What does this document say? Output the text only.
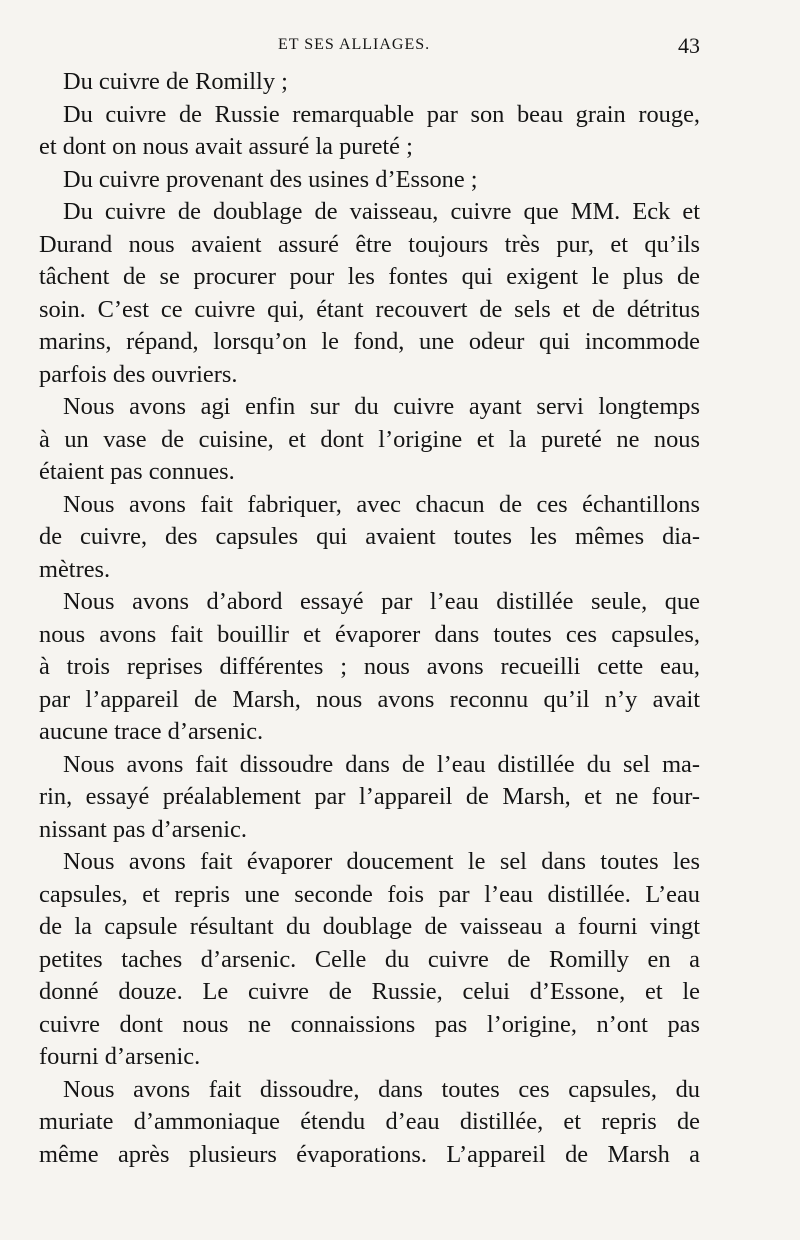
ET SES ALLIAGES.	43
Du cuivre de Romilly ;
Du cuivre de Russie remarquable par son beau grain rouge,
et dont on nous avait assuré la pureté ;
Du cuivre provenant des usines d’Essone ;
Du cuivre de doublage de vaisseau, cuivre que MM. Eck et
Durand nous avaient assuré être toujours très pur, et qu’ils
tâchent de se procurer pour les fontes qui exigent le plus de
soin. C’est ce cuivre qui, étant recouvert de sels et de détritus
marins, répand, lorsqu’on le fond, une odeur qui incommode
parfois des ouvriers.
Nous avons agi enfin sur du cuivre ayant servi longtemps
à un vase de cuisine, et dont l’origine et la pureté ne nous
étaient pas connues.
Nous avons fait fabriquer, avec chacun de ces échantillons
de cuivre, des capsules qui avaient toutes les mêmes dia-
mètres.
Nous avons d’abord essayé par l’eau distillée seule, que
nous avons fait bouillir et évaporer dans toutes ces capsules,
à trois reprises différentes ; nous avons recueilli cette eau,
par l’appareil de Marsh, nous avons reconnu qu’il n’y avait
aucune trace d’arsenic.
Nous avons fait dissoudre dans de l’eau distillée du sel ma-
rin, essayé préalablement par l’appareil de Marsh, et ne four-
nissant pas d’arsenic.
Nous avons fait évaporer doucement le sel dans toutes les
capsules, et repris une seconde fois par l’eau distillée. L’eau
de la capsule résultant du doublage de vaisseau a fourni vingt
petites taches d’arsenic. Celle du cuivre de Romilly en a
donné douze. Le cuivre de Russie, celui d’Essone, et le
cuivre dont nous ne connaissions pas l’origine, n’ont pas
fourni d’arsenic.
Nous avons fait dissoudre, dans toutes ces capsules, du
muriate d’ammoniaque étendu d’eau distillée, et repris de
même après plusieurs évaporations. L’appareil de Marsh a
